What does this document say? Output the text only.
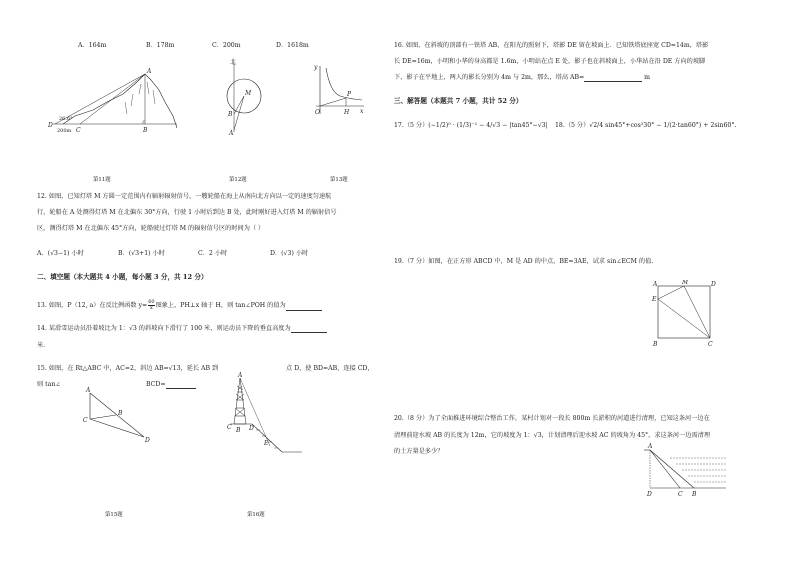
A．164m	B．178m	C．200m	D．1618m
A
D
C	B
26.6°
200m
第11题
北
M
B
A
第12题
y
x
O	H
P
第13题
12. 如图，已知灯塔 M 方圆一定范围内有辐射辐射信号，一艘轮船在海上从南向北方向以一定的速度匀速航
行，轮船在 A 处测得灯塔 M 在北偏东 30°方向，行驶 1 小时后到达 B 处，此时刚好进入灯塔 M 的辐射信号
区，测得灯塔 M 在北偏东 45°方向，轮船驶过灯塔 M 的辐射信号区的时间为（ ）
A．(√3−1) 小时	B．(√3+1) 小时	C．2 小时	D．(√3) 小时
二、填空题（本大题共 4 小题，每小题 3 分，共 12 分）
13. 如图，P（12, a）在反比例函数 $y= \frac{60}{x}$ 图象上，PH⊥x 轴于 H，则 tan∠POH 的值为
14. 某滑雪运动员沿着坡比为 1：√3 的斜坡向下滑行了 100 米，则运动员下降的垂直高度为
米．
15. 如图，在 Rt△ABC 中，AC=2，斜边 AB=√13，延长 AB 到	点 D，使 BD=AB，连接 CD，
则 tan∠	BCD=
A
C
B
D
第15题
A
B
C	D
E
第16题
16. 如图，在斜坡的顶部有一铁塔 AB，在阳光的照射下，塔影 DE 留在坡面上．已知铁塔底座宽 CD=14m，塔影
长 DE=16m，小明和小华的身高都是 1.6m，小明站在点 E 处，影子也在斜坡面上，小华站在沿 DE 方向的坡脚
下，影子在平地上，两人的影长分别为 4m 与 2m，那么，塔高 AB=	m
三、解答题（本题共 7 小题，共计 52 分）
17.（5 分）(−1/2)⁰ · (1/3)⁻¹ − 4/√3 − |tan45°−√3| 18.（5 分）√2/4 sin45°+cos²30° − 1/(2·tan60°) + 2sin60°.
19.（7 分）如图，在正方形 ABCD 中，M 是 AD 的中点，BE=3AE，试求 sin∠ECM 的值.
A	M	D
E
B	C
20.（8 分）为了全面推进环境综合整治工作，某村计划对一段长 800m 长淤积的河道进行清理，已知这条河一边在
清理前迎水坡 AB 的长度为 12m，它的坡度为 1：√3，计划清理后迎水坡 AC 的坡角为 45°，求这条河一边需清理
的土方量是多少？
A
D	C B
